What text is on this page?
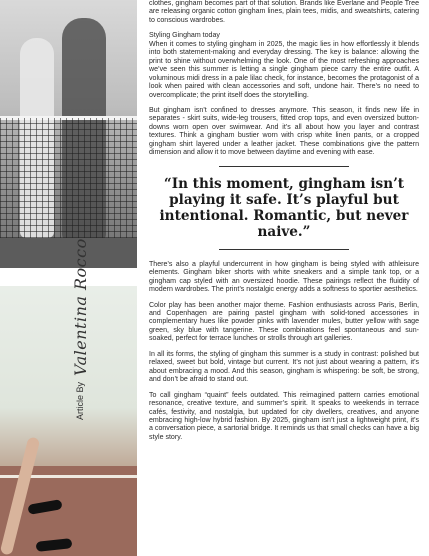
Article By
Valentina Rocco

clothes, gingham becomes part of that solution. Brands like Everlane and People Tree are releasing organic cotton gingham lines, plain tees, midis, and sweatshirts, catering to conscious wardrobes.

Styling Gingham today

When it comes to styling gingham in 2025, the magic lies in how effortlessly it blends into both statement-making and everyday dressing. The key is balance: allowing the print to shine without overwhelming the look. One of the most refreshing approaches we’ve seen this summer is letting a single gingham piece carry the entire outfit. A voluminous midi dress in a pale lilac check, for instance, becomes the protagonist of a look when paired with clean accessories and soft, undone hair. There’s no need to overcomplicate; the print itself does the storytelling.

But gingham isn’t confined to dresses anymore. This season, it finds new life in separates - skirt suits, wide-leg trousers, fitted crop tops, and even oversized button-downs worn open over swimwear. And it’s all about how you layer and contrast textures. Think a gingham bustier worn with crisp white linen pants, or a cropped gingham shirt layered under a leather jacket. These combinations give the pattern dimension and allow it to move between daytime and evening with ease.

“In this moment, gingham isn’t playing it safe. It’s playful but intentional. Romantic, but never naive.”

There’s also a playful undercurrent in how gingham is being styled with athleisure elements. Gingham biker shorts with white sneakers and a simple tank top, or a gingham cap styled with an oversized hoodie. These pairings reflect the fluidity of modern wardrobes. The print’s nostalgic energy adds a softness to sportier aesthetics.

Color play has been another major theme. Fashion enthusiasts across Paris, Berlin, and Copenhagen are pairing pastel gingham with solid-toned accessories in complementary hues like powder pinks with lavender mules, butter yellow with sage green, sky blue with tangerine. These combinations feel spontaneous and sun-soaked, perfect for terrace lunches or strolls through art galleries.

In all its forms, the styling of gingham this summer is a study in contrast: polished but relaxed, sweet but bold, vintage but current. It’s not just about wearing a pattern, it’s about embracing a mood. And this season, gingham is whispering: be soft, be strong, and don’t be afraid to stand out.

To call gingham “quaint” feels outdated. This reimagined pattern carries emotional resonance, creative texture, and summer’s spirit. It speaks to weekends in terrace cafés, festivity, and nostalgia, but updated for city dwellers, creatives, and anyone embracing high-low hybrid fashion. By 2025, gingham isn’t just a lightweight print, it’s a conversation piece, a sartorial bridge. It reminds us that small checks can have a big style story.
